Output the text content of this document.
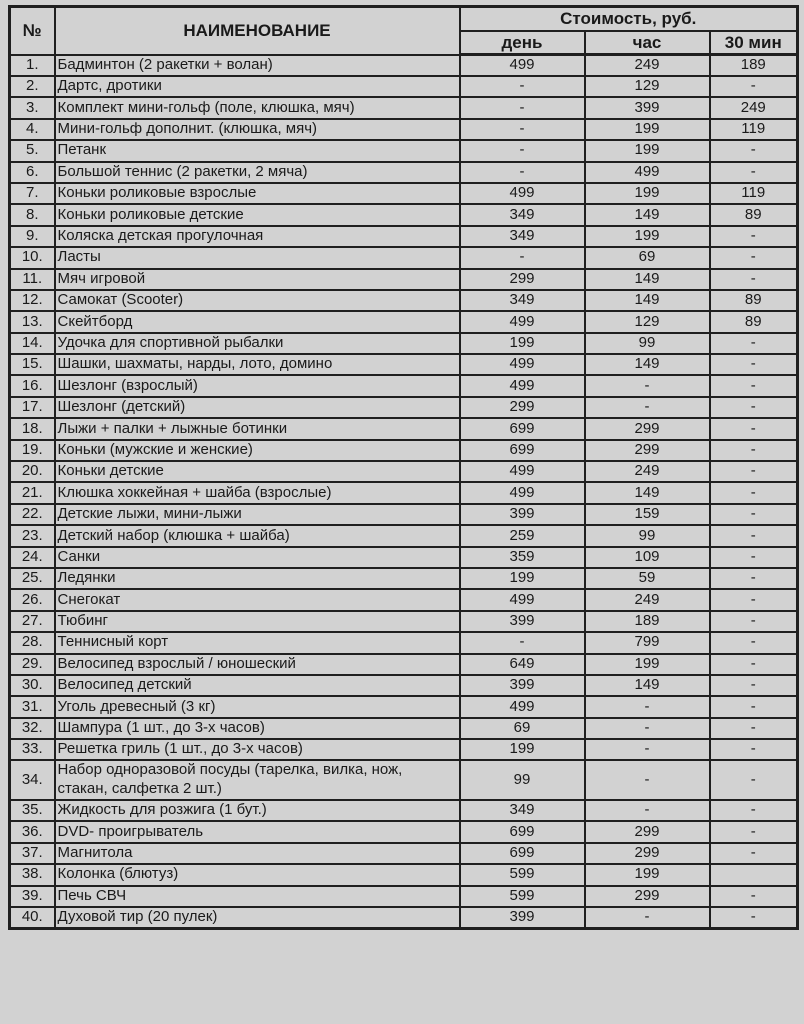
№	НАИМЕНОВАНИЕ	Стоимость, руб.		
		день	час	30 мин
1.	Бадминтон (2 ракетки + волан)	499	249	189
2.	Дартс, дротики	-	129	-
3.	Комплект мини-гольф (поле, клюшка, мяч)	-	399	249
4.	Мини-гольф дополнит. (клюшка, мяч)	-	199	119
5.	Петанк	-	199	-
6.	Большой теннис (2 ракетки, 2 мяча)	-	499	-
7.	Коньки роликовые взрослые	499	199	119
8.	Коньки роликовые детские	349	149	89
9.	Коляска детская прогулочная	349	199	-
10.	Ласты	-	69	-
11.	Мяч игровой	299	149	-
12.	Самокат (Scooter)	349	149	89
13.	Скейтборд	499	129	89
14.	Удочка для спортивной рыбалки	199	99	-
15.	Шашки, шахматы, нарды, лото, домино	499	149	-
16.	Шезлонг (взрослый)	499	-	-
17.	Шезлонг (детский)	299	-	-
18.	Лыжи + палки + лыжные ботинки	699	299	-
19.	Коньки (мужские и женские)	699	299	-
20.	Коньки детские	499	249	-
21.	Клюшка хоккейная + шайба (взрослые)	499	149	-
22.	Детские лыжи, мини-лыжи	399	159	-
23.	Детский набор (клюшка + шайба)	259	99	-
24.	Санки	359	109	-
25.	Ледянки	199	59	-
26.	Снегокат	499	249	-
27.	Тюбинг	399	189	-
28.	Теннисный корт	-	799	-
29.	Велосипед взрослый / юношеский	649	199	-
30.	Велосипед детский	399	149	-
31.	Уголь древесный (3 кг)	499	-	-
32.	Шампура (1 шт., до 3-х часов)	69	-	-
33.	Решетка гриль (1 шт., до 3-х часов)	199	-	-
34.	Набор одноразовой посуды (тарелка, вилка, нож, стакан, салфетка 2 шт.)	99	-	-
35.	Жидкость для розжига (1 бут.)	349	-	-
36.	DVD- проигрыватель	699	299	-
37.	Магнитола	699	299	-
38.	Колонка (блютуз)	599	199	
39.	Печь СВЧ	599	299	-
40.	Духовой тир (20 пулек)	399	-	-
